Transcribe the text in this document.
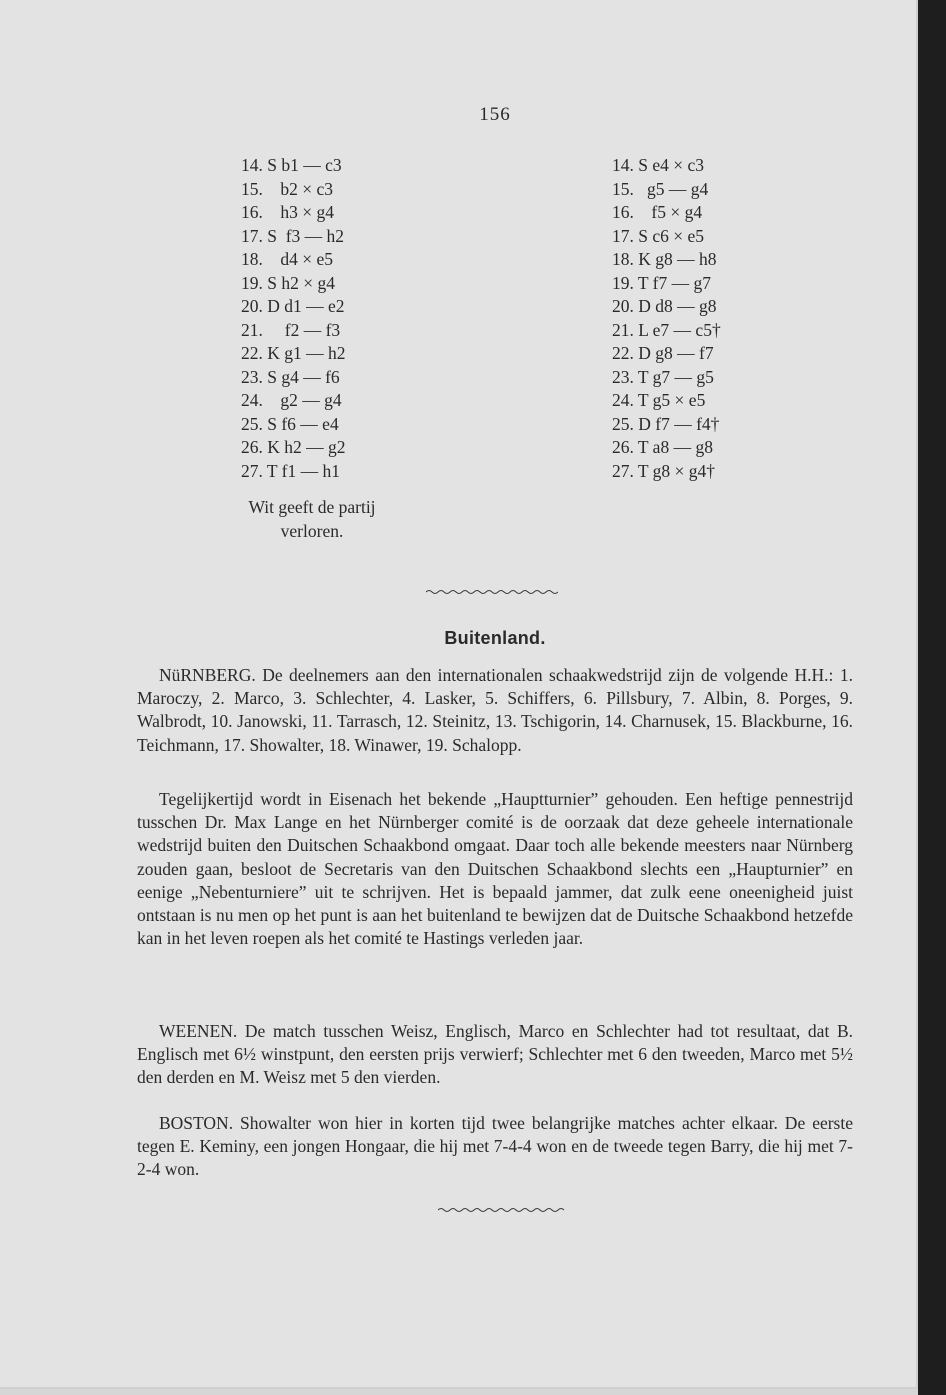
156
14. S b1 — c3
15.    b2 × c3
16.    h3 × g4
17. S  f3 — h2
18.    d4 × e5
19. S h2 × g4
20. D d1 — e2
21.     f2 — f3
22. K g1 — h2
23. S g4 — f6
24.    g2 — g4
25. S f6 — e4
26. K h2 — g2
27. T f1 — h1
Wit geeft de partij verloren.
14. S e4 × c3
15.   g5 — g4
16.    f5 × g4
17. S c6 × e5
18. K g8 — h8
19. T f7 — g7
20. D d8 — g8
21. L e7 — c5†
22. D g8 — f7
23. T g7 — g5
24. T g5 × e5
25. D f7 — f4†
26. T a8 — g8
27. T g8 × g4†
Buitenland.

NüRNBERG. De deelnemers aan den internationalen schaakwedstrijd zijn de volgende H.H.: 1. Maroczy, 2. Marco, 3. Schlechter, 4. Lasker, 5. Schiffers, 6. Pillsbury, 7. Albin, 8. Porges, 9. Walbrodt, 10. Janowski, 11. Tarrasch, 12. Steinitz, 13. Tschigorin, 14. Charnusek, 15. Blackburne, 16. Teichmann, 17. Showalter, 18. Winawer, 19. Schalopp.

Tegelijkertijd wordt in Eisenach het bekende „Hauptturnier” gehouden. Een heftige pennestrijd tusschen Dr. Max Lange en het Nürnberger comité is de oorzaak dat deze geheele internationale wedstrijd buiten den Duitschen Schaakbond omgaat. Daar toch alle bekende meesters naar Nürnberg zouden gaan, besloot de Secretaris van den Duitschen Schaakbond slechts een „Haupturnier” en eenige „Nebenturniere” uit te schrijven. Het is bepaald jammer, dat zulk eene oneenigheid juist ontstaan is nu men op het punt is aan het buitenland te bewijzen dat de Duitsche Schaakbond hetzefde kan in het leven roepen als het comité te Hastings verleden jaar.

WEENEN. De match tusschen Weisz, Englisch, Marco en Schlechter had tot resultaat, dat B. Englisch met 6½ winstpunt, den eersten prijs verwierf; Schlechter met 6 den tweeden, Marco met 5½ den derden en M. Weisz met 5 den vierden.

BOSTON. Showalter won hier in korten tijd twee belangrijke matches achter elkaar. De eerste tegen E. Keminy, een jongen Hongaar, die hij met 7-4-4 won en de tweede tegen Barry, die hij met 7-2-4 won.
